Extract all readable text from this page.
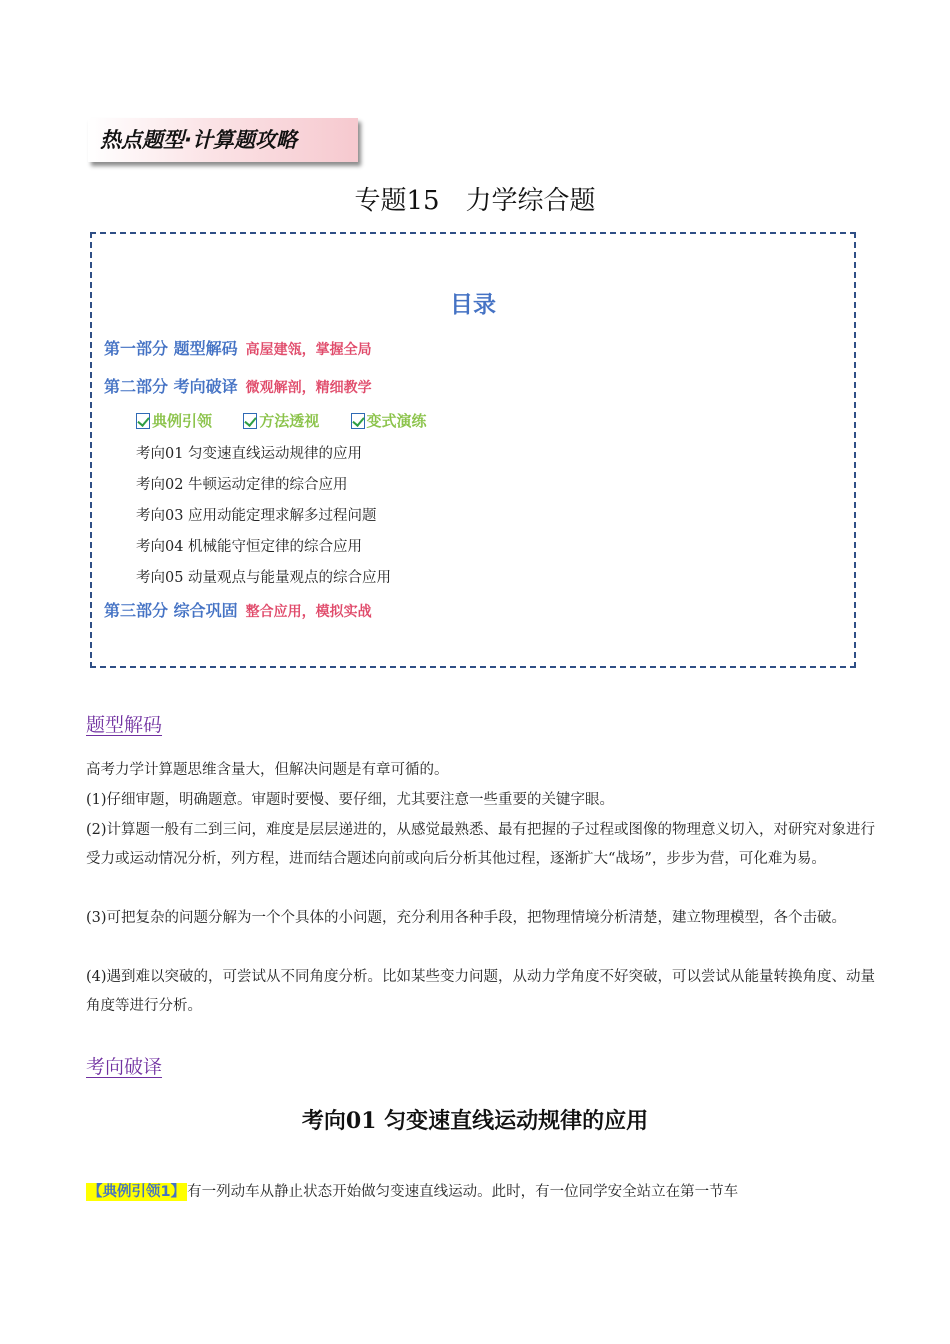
热点题型·计算题攻略
专题15　力学综合题
目录
第一部分 题型解码 高屋建瓴，掌握全局
第二部分 考向破译 微观解剖，精细教学
典例引领
	方法透视
	变式演练
考向01 匀变速直线运动规律的应用
考向02 牛顿运动定律的综合应用
考向03 应用动能定理求解多过程问题
考向04 机械能守恒定律的综合应用
考向05 动量观点与能量观点的综合应用
第三部分 综合巩固 整合应用，模拟实战
题型解码
高考力学计算题思维含量大，但解决问题是有章可循的。
(1)仔细审题，明确题意。审题时要慢、要仔细，尤其要注意一些重要的关键字眼。
(2)计算题一般有二到三问，难度是层层递进的，从感觉最熟悉、最有把握的子过程或图像的物理意义切入，对研究对象进行受力或运动情况分析，列方程，进而结合题述向前或向后分析其他过程，逐渐扩大“战场”，步步为营，可化难为易。
(3)可把复杂的问题分解为一个个具体的小问题，充分利用各种手段，把物理情境分析清楚，建立物理模型，各个击破。
(4)遇到难以突破的，可尝试从不同角度分析。比如某些变力问题，从动力学角度不好突破，可以尝试从能量转换角度、动量角度等进行分析。
考向破译
考向01 匀变速直线运动规律的应用
【典例引领1】 有一列动车从静止状态开始做匀变速直线运动。此时，有一位同学安全站立在第一节车
